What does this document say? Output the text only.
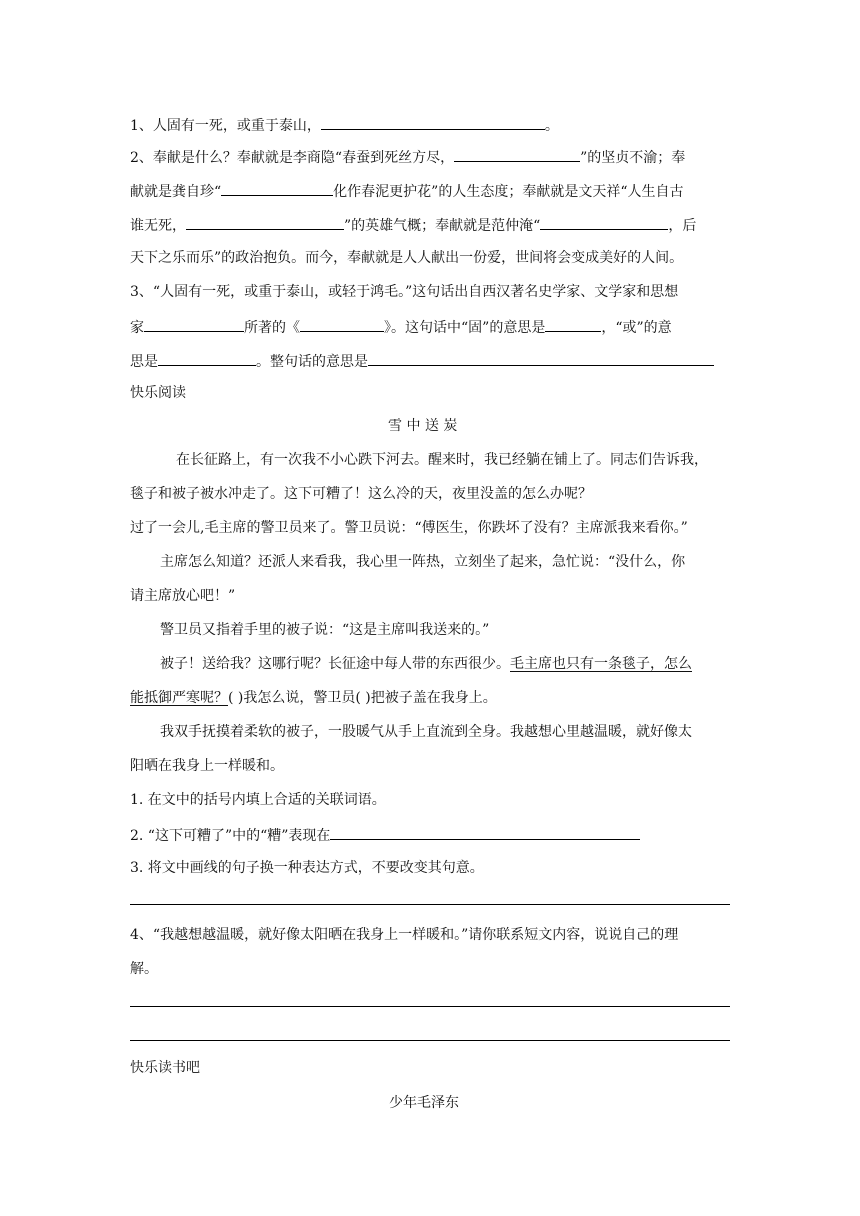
1、人固有一死，或重于泰山，	。
2、奉献是什么？奉献就是李商隐“春蚕到死丝方尽，	”的坚贞不渝；奉
献就是龚自珍“	化作春泥更护花”的人生态度；奉献就是文天祥“人生自古
谁无死，	”的英雄气概；奉献就是范仲淹“	，后
天下之乐而乐”的政治抱负。而今，奉献就是人人献出一份爱，世间将会变成美好的人间。
3、“人固有一死，或重于泰山，或轻于鸿毛。”这句话出自西汉著名史学家、文学家和思想
家	所著的《	》。这句话中“固”的意思是	，“或”的意
思是	。整句话的意思是
快乐阅读
雪 中 送 炭
在长征路上，有一次我不小心跌下河去。醒来时，我已经躺在铺上了。同志们告诉我，
毯子和被子被水冲走了。这下可糟了！这么冷的天，夜里没盖的怎么办呢？
过了一会儿,毛主席的警卫员来了。警卫员说：“傅医生，你跌坏了没有？主席派我来看你。”
主席怎么知道？还派人来看我，我心里一阵热，立刻坐了起来，急忙说：“没什么，你
请主席放心吧！”
警卫员又指着手里的被子说：“这是主席叫我送来的。”
被子！送给我？这哪行呢？长征途中每人带的东西很少。毛主席也只有一条毯子，怎么
能抵御严寒呢？( )我怎么说，警卫员( )把被子盖在我身上。
我双手抚摸着柔软的被子，一股暖气从手上直流到全身。我越想心里越温暖，就好像太
阳晒在我身上一样暖和。
1. 在文中的括号内填上合适的关联词语。
2. “这下可糟了”中的“糟”表现在
3. 将文中画线的句子换一种表达方式，不要改变其句意。
4、“我越想越温暖，就好像太阳晒在我身上一样暖和。”请你联系短文内容，说说自己的理
解。
快乐读书吧
少年毛泽东
